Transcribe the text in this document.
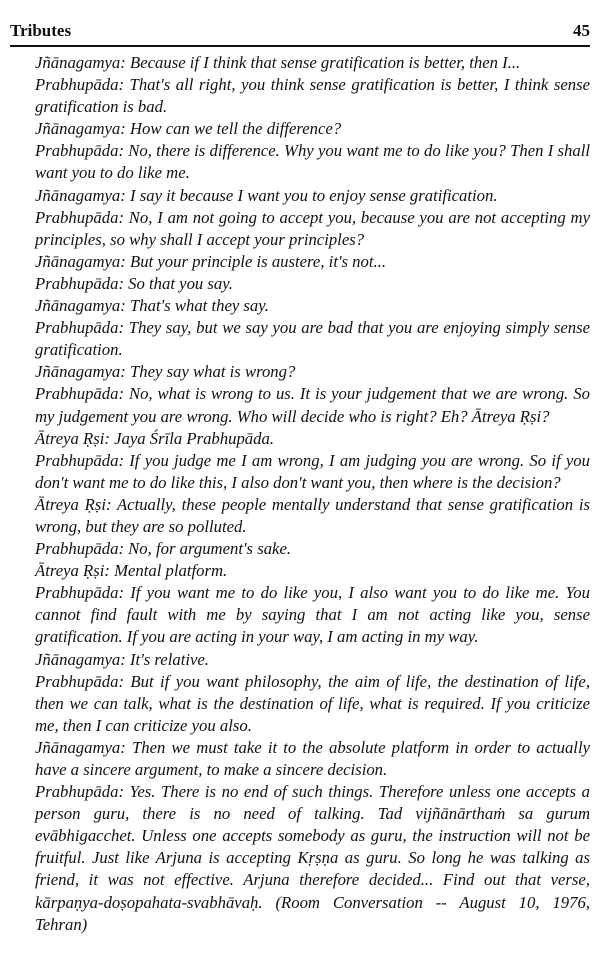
Tributes	45

Jñānagamya: Because if I think that sense gratification is better, then I...

Prabhupāda: That's all right, you think sense gratification is better, I think sense gratification is bad.

Jñānagamya: How can we tell the difference?

Prabhupāda: No, there is difference. Why you want me to do like you? Then I shall want you to do like me.

Jñānagamya: I say it because I want you to enjoy sense gratification.

Prabhupāda: No, I am not going to accept you, because you are not accepting my principles, so why shall I accept your principles?

Jñānagamya: But your principle is austere, it's not...

Prabhupāda: So that you say.

Jñānagamya: That's what they say.

Prabhupāda: They say, but we say you are bad that you are enjoying simply sense gratification.

Jñānagamya: They say what is wrong?

Prabhupāda: No, what is wrong to us. It is your judgement that we are wrong. So my judgement you are wrong. Who will decide who is right? Eh? Ātreya Ṛṣi?

Ātreya Ṛṣi: Jaya Śrīla Prabhupāda.

Prabhupāda: If you judge me I am wrong, I am judging you are wrong. So if you don't want me to do like this, I also don't want you, then where is the decision?

Ātreya Ṛṣi: Actually, these people mentally understand that sense gratification is wrong, but they are so polluted.

Prabhupāda: No, for argument's sake.

Ātreya Ṛṣi: Mental platform.

Prabhupāda: If you want me to do like you, I also want you to do like me. You cannot find fault with me by saying that I am not acting like you, sense gratification. If you are acting in your way, I am acting in my way.

Jñānagamya: It's relative.

Prabhupāda: But if you want philosophy, the aim of life, the destination of life, then we can talk, what is the destination of life, what is required. If you criticize me, then I can criticize you also.

Jñānagamya: Then we must take it to the absolute platform in order to actually have a sincere argument, to make a sincere decision.

Prabhupāda: Yes. There is no end of such things. Therefore unless one accepts a person guru, there is no need of talking. Tad vijñānārthaṁ sa gurum evābhigacchet. Unless one accepts somebody as guru, the instruction will not be fruitful. Just like Arjuna is accepting Kṛṣṇa as guru. So long he was talking as friend, it was not effective. Arjuna therefore decided... Find out that verse, kārpaṇya-doṣopahata-svabhāvaḥ. (Room Conversation -- August 10, 1976, Tehran)
